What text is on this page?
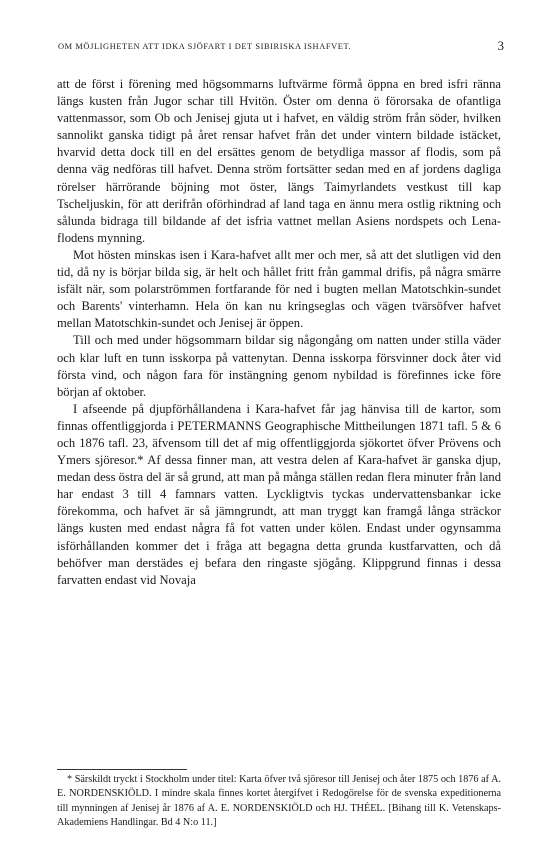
OM MÖJLIGHETEN ATT IDKA SJÖFART I DET SIBIRISKA ISHAFVET.	3

att de först i förening med högsommarns luftvärme förmå öppna en bred isfri ränna längs kusten från Jugor schar till Hvitön. Öster om denna ö förorsaka de ofantliga vattenmassor, som Ob och Jenisej gjuta ut i hafvet, en väldig ström från söder, hvilken sannolikt ganska tidigt på året rensar hafvet från det under vintern bildade istäcket, hvarvid detta dock till en del ersättes genom de betydliga massor af flodis, som på denna väg nedföras till hafvet. Denna ström fortsätter sedan med en af jordens dagliga rörelser härrörande böjning mot öster, längs Taimyrlandets vestkust till kap Tscheljuskin, för att derifrån oförhindrad af land taga en ännu mera ostlig riktning och sålunda bidraga till bildande af det isfria vattnet mellan Asiens nordspets och Lena-flodens mynning.

Mot hösten minskas isen i Kara-hafvet allt mer och mer, så att det slutligen vid den tid, då ny is börjar bilda sig, är helt och hållet fritt från gammal drifis, på några smärre isfält när, som polarströmmen fortfarande för ned i bugten mellan Matotschkin-sundet och Barents' vinterhamn. Hela ön kan nu kringseglas och vägen tvärsöfver hafvet mellan Matotschkin-sundet och Jenisej är öppen.

Till och med under högsommarn bildar sig någongång om natten under stilla väder och klar luft en tunn isskorpa på vattenytan. Denna isskorpa försvinner dock åter vid första vind, och någon fara för instängning genom nybildad is förefinnes icke före början af oktober.

I afseende på djupförhållandena i Kara-hafvet får jag hänvisa till de kartor, som finnas offentliggjorda i PETERMANNS Geographische Mittheilungen 1871 tafl. 5 & 6 och 1876 tafl. 23, äfvensom till det af mig offentliggjorda sjökortet öfver Prövens och Ymers sjöresor.* Af dessa finner man, att vestra delen af Kara-hafvet är ganska djup, medan dess östra del är så grund, att man på många ställen redan flera minuter från land har endast 3 till 4 famnars vatten. Lyckligtvis tyckas undervattensbankar icke förekomma, och hafvet är så jämngrundt, att man tryggt kan framgå långa sträckor längs kusten med endast några få fot vatten under kölen. Endast under ogynsamma isförhållanden kommer det i fråga att begagna detta grunda kustfarvatten, och då behöfver man derstädes ej befara den ringaste sjögång. Klippgrund finnas i dessa farvatten endast vid Novaja

* Särskildt tryckt i Stockholm under titel: Karta öfver två sjöresor till Jenisej och åter 1875 och 1876 af A. E. NORDENSKIÖLD. I mindre skala finnes kortet återgifvet i Redogörelse för de svenska expeditionerna till mynningen af Jenisej år 1876 af A. E. NORDENSKIÖLD och HJ. THÉEL. [Bihang till K. Vetenskaps-Akademiens Handlingar. Bd 4 N:o 11.]
